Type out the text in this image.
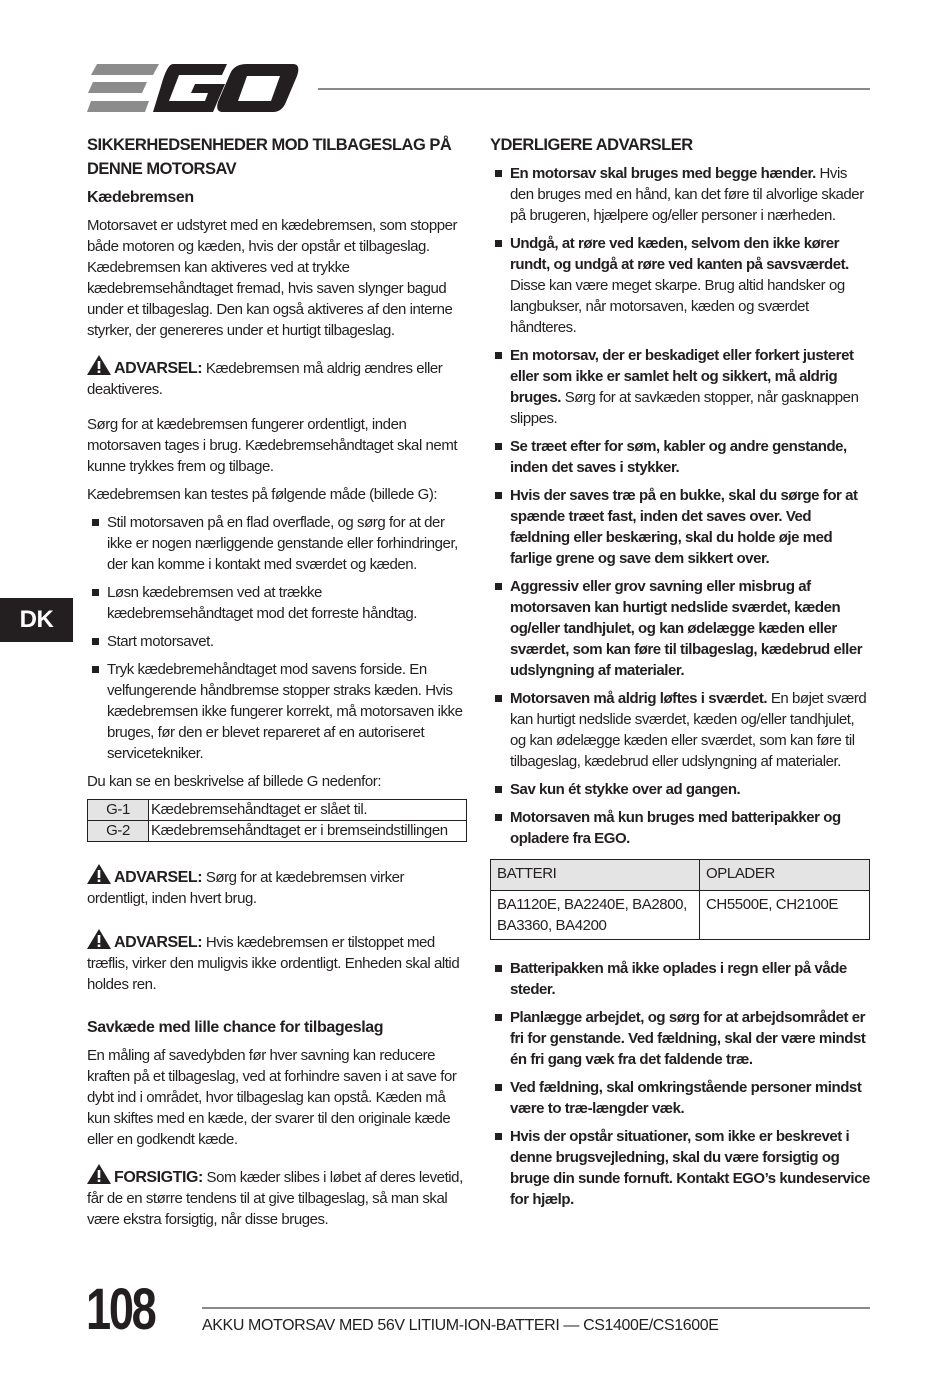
DK
SIKKERHEDSENHEDER MOD TILBAGESLAG PÅ DENNE MOTORSAV
Kædebremsen

Motorsavet er udstyret med en kædebremsen, som stopper både motoren og kæden, hvis der opstår et tilbageslag. Kædebremsen kan aktiveres ved at trykke kædebremsehåndtaget fremad, hvis saven slynger bagud under et tilbageslag. Den kan også aktiveres af den interne styrker, der genereres under et hurtigt tilbageslag.

ADVARSEL: Kædebremsen må aldrig ændres eller deaktiveres.

Sørg for at kædebremsen fungerer ordentligt, inden motorsaven tages i brug. Kædebremsehåndtaget skal nemt kunne trykkes frem og tilbage.

Kædebremsen kan testes på følgende måde (billede G):

Stil motorsaven på en flad overflade, og sørg for at der ikke er nogen nærliggende genstande eller forhindringer, der kan komme i kontakt med sværdet og kæden.
Løsn kædebremsen ved at trække kædebremsehåndtaget mod det forreste håndtag.
Start motorsavet.
Tryk kædebremehåndtaget mod savens forside. En velfungerende håndbremse stopper straks kæden. Hvis kædebremsen ikke fungerer korrekt, må motorsaven ikke bruges, før den er blevet repareret af en autoriseret servicetekniker.

Du kan se en beskrivelse af billede G nedenfor:

G-1	Kædebremsehåndtaget er slået til.
G-2	Kædebremsehåndtaget er i bremseindstillingen

ADVARSEL: Sørg for at kædebremsen virker ordentligt, inden hvert brug.

ADVARSEL: Hvis kædebremsen er tilstoppet med træflis, virker den muligvis ikke ordentligt. Enheden skal altid holdes ren.

Savkæde med lille chance for tilbageslag

En måling af savedybden før hver savning kan reducere kraften på et tilbageslag, ved at forhindre saven i at save for dybt ind i området, hvor tilbageslag kan opstå. Kæden må kun skiftes med en kæde, der svarer til den originale kæde eller en godkendt kæde.

FORSIGTIG: Som kæder slibes i løbet af deres levetid, får de en større tendens til at give tilbageslag, så man skal være ekstra forsigtig, når disse bruges.

YDERLIGERE ADVARSLER
En motorsav skal bruges med begge hænder. Hvis den bruges med en hånd, kan det føre til alvorlige skader på brugeren, hjælpere og/eller personer i nærheden.
Undgå, at røre ved kæden, selvom den ikke kører rundt, og undgå at røre ved kanten på savsværdet. Disse kan være meget skarpe. Brug altid handsker og langbukser, når motorsaven, kæden og sværdet håndteres.
En motorsav, der er beskadiget eller forkert justeret eller som ikke er samlet helt og sikkert, må aldrig bruges. Sørg for at savkæden stopper, når gasknappen slippes.
Se træet efter for søm, kabler og andre genstande, inden det saves i stykker.
Hvis der saves træ på en bukke, skal du sørge for at spænde træet fast, inden det saves over. Ved fældning eller beskæring, skal du holde øje med farlige grene og save dem sikkert over.
Aggressiv eller grov savning eller misbrug af motorsaven kan hurtigt nedslide sværdet, kæden og/eller tandhjulet, og kan ødelægge kæden eller sværdet, som kan føre til tilbageslag, kædebrud eller udslyngning af materialer.
Motorsaven må aldrig løftes i sværdet. En bøjet sværd kan hurtigt nedslide sværdet, kæden og/eller tandhjulet, og kan ødelægge kæden eller sværdet, som kan føre til tilbageslag, kædebrud eller udslyngning af materialer.
Sav kun ét stykke over ad gangen.
Motorsaven må kun bruges med batteripakker og opladere fra EGO.
BATTERI	OPLADER
BA1120E, BA2240E, BA2800, BA3360, BA4200	CH5500E, CH2100E
Batteripakken må ikke oplades i regn eller på våde steder.
Planlægge arbejdet, og sørg for at arbejdsområdet er fri for genstande. Ved fældning, skal der være mindst én fri gang væk fra det faldende træ.
Ved fældning, skal omkringstående personer mindst være to træ-længder væk.
Hvis der opstår situationer, som ikke er beskrevet i denne brugsvejledning, skal du være forsigtig og bruge din sunde fornuft. Kontakt EGO’s kundeservice for hjælp.
108	AKKU MOTORSAV MED 56V LITIUM-ION-BATTERI — CS1400E/CS1600E
